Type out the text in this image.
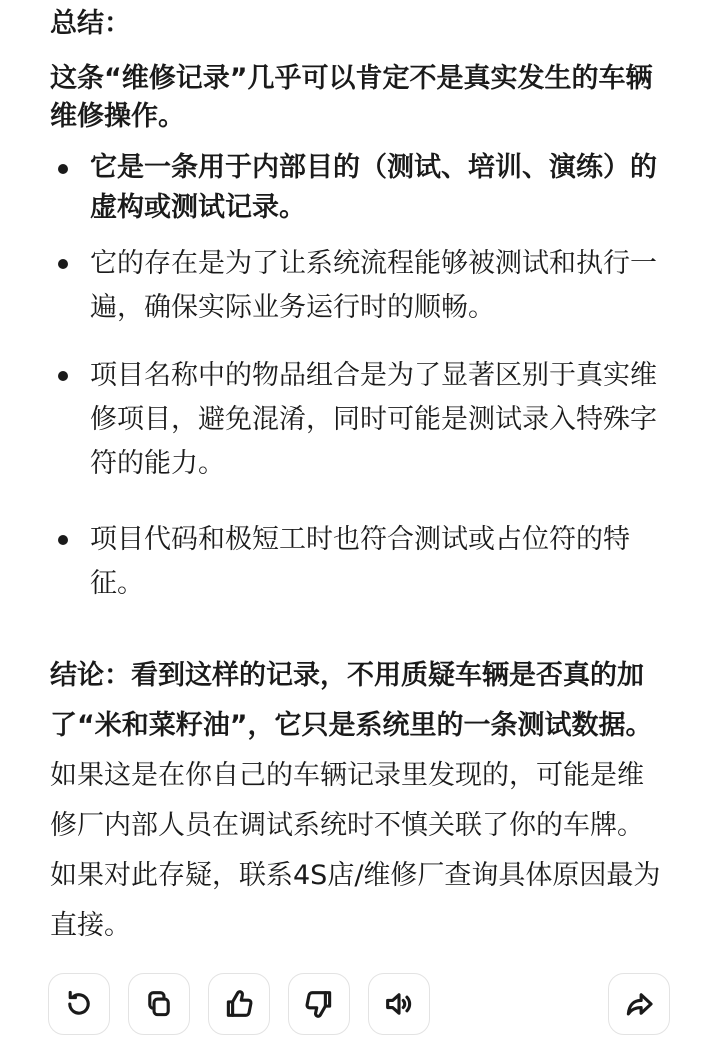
总结：
这条“维修记录”几乎可以肯定不是真实发生的车辆维修操作。
它是一条用于内部目的（测试、培训、演练）的虚构或测试记录。
它的存在是为了让系统流程能够被测试和执行一遍，确保实际业务运行时的顺畅。
项目名称中的物品组合是为了显著区别于真实维修项目，避免混淆，同时可能是测试录入特殊字符的能力。
项目代码和极短工时也符合测试或占位符的特征。
结论：看到这样的记录，不用质疑车辆是否真的加了“米和菜籽油”，它只是系统里的一条测试数据。 如果这是在你自己的车辆记录里发现的，可能是维修厂内部人员在调试系统时不慎关联了你的车牌。如果对此存疑，联系4S店/维修厂查询具体原因最为直接。
